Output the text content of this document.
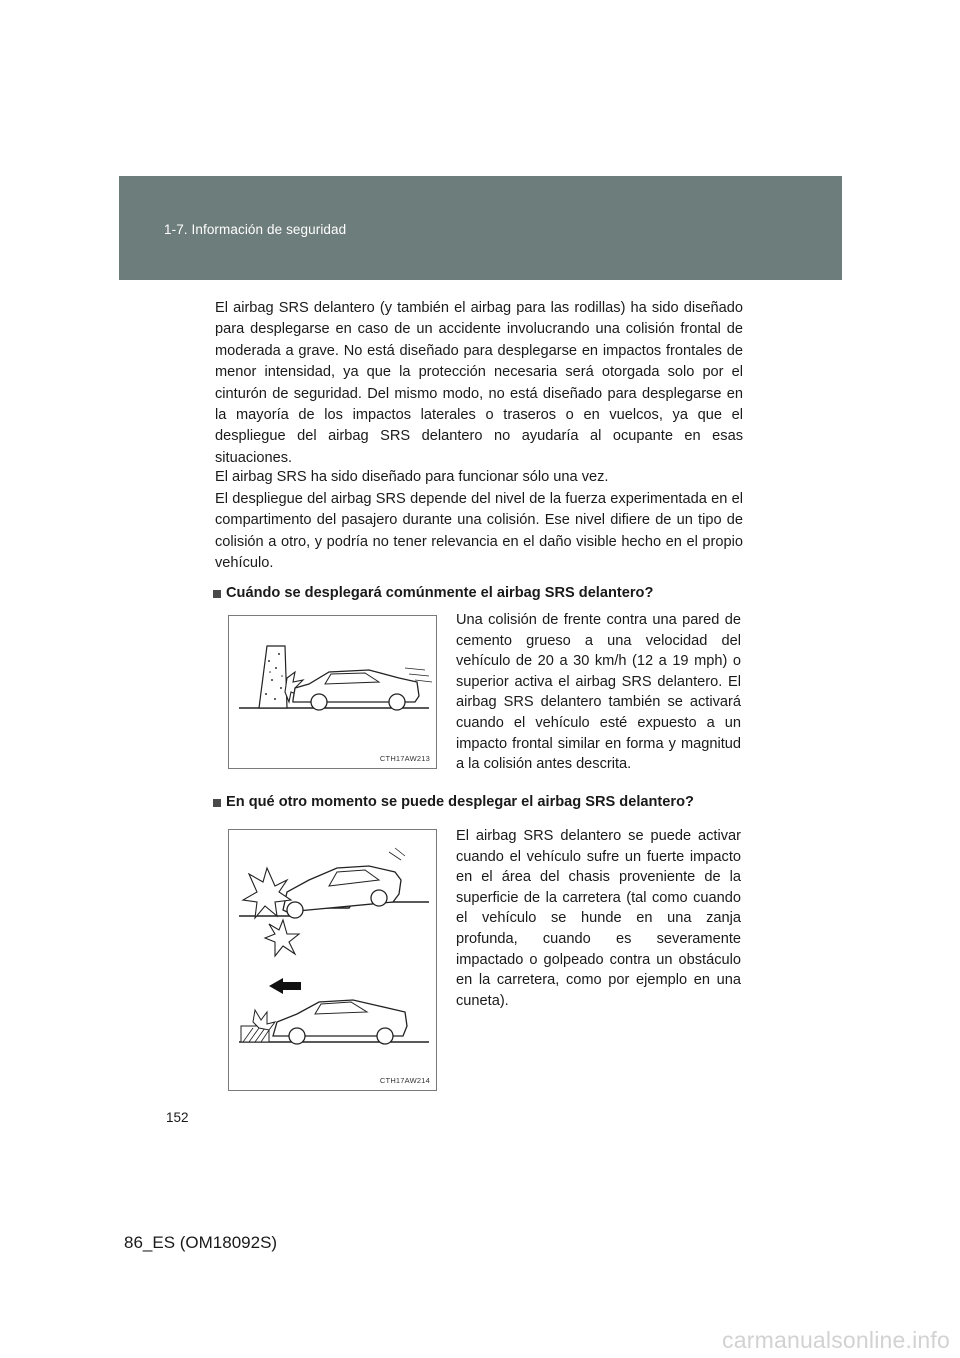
1-7. Información de seguridad

El airbag SRS delantero (y también el airbag para las rodillas) ha sido diseñado para desplegarse en caso de un accidente involucrando una colisión frontal de moderada a grave. No está diseñado para desplegarse en impactos frontales de menor intensidad, ya que la protección necesaria será otorgada solo por el cinturón de seguridad. Del mismo modo, no está diseñado para desplegarse en la mayoría de los impactos laterales o traseros o en vuelcos, ya que el despliegue del airbag SRS delantero no ayudaría al ocupante en esas situaciones.

El airbag SRS ha sido diseñado para funcionar sólo una vez.

El despliegue del airbag SRS depende del nivel de la fuerza experimentada en el compartimento del pasajero durante una colisión. Ese nivel difiere de un tipo de colisión a otro, y podría no tener relevancia en el daño visible hecho en el propio vehículo.

Cuándo se desplegará comúnmente el airbag SRS delantero?
CTH17AW213

Una colisión de frente contra una pared de cemento grueso a una velocidad del vehículo de 20 a 30 km/h (12 a 19 mph) o superior activa el airbag SRS delantero. El airbag SRS delantero también se activará cuando el vehículo esté expuesto a un impacto frontal similar en forma y magnitud a la colisión antes descrita.

En qué otro momento se puede desplegar el airbag SRS delantero?
CTH17AW214

El airbag SRS delantero se puede activar cuando el vehículo sufre un fuerte impacto en el área del chasis proveniente de la superficie de la carretera (tal como cuando el vehículo se hunde en una zanja profunda, cuando es severamente impactado o golpeado contra un obstáculo en la carretera, como por ejemplo en una cuneta).

152
86_ES (OM18092S)
carmanualsonline.info
